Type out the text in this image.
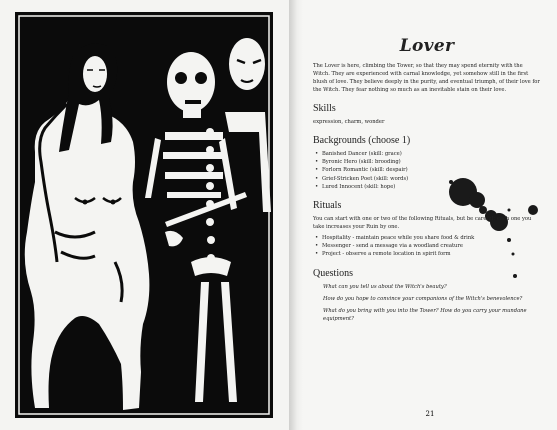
Lover

The Lover is here, climbing the Tower, so that they may spend eternity with the Witch. They are experienced with carnal knowledge, yet somehow still in the first blush of love. They believe deeply in the purity, and eventual triumph, of their love for the Witch. They fear nothing so much as an inevitable stain on their love.

Skills

expression, charm, wonder

Backgrounds (choose 1)
• Banished Dancer (skill: grace)
• Byronic Hero (skill: brooding)
• Forlorn Romantic (skill: despair)
• Grief-Stricken Poet (skill: words)
• Lured Innocent (skill: hope)
Rituals

You can start with one or two of the following Rituals, but be careful: each one you take increases your Ruin by one.

• Hospitality - maintain peace while you share food & drink
• Messenger - send a message via a woodland creature
• Project - observe a remote location in spirit form
Questions

What can you tell us about the Witch's beauty?

How do you hope to convince your companions of the Witch's benevolence?

What do you bring with you into the Tower? How do you carry your mundane equipment?

21
